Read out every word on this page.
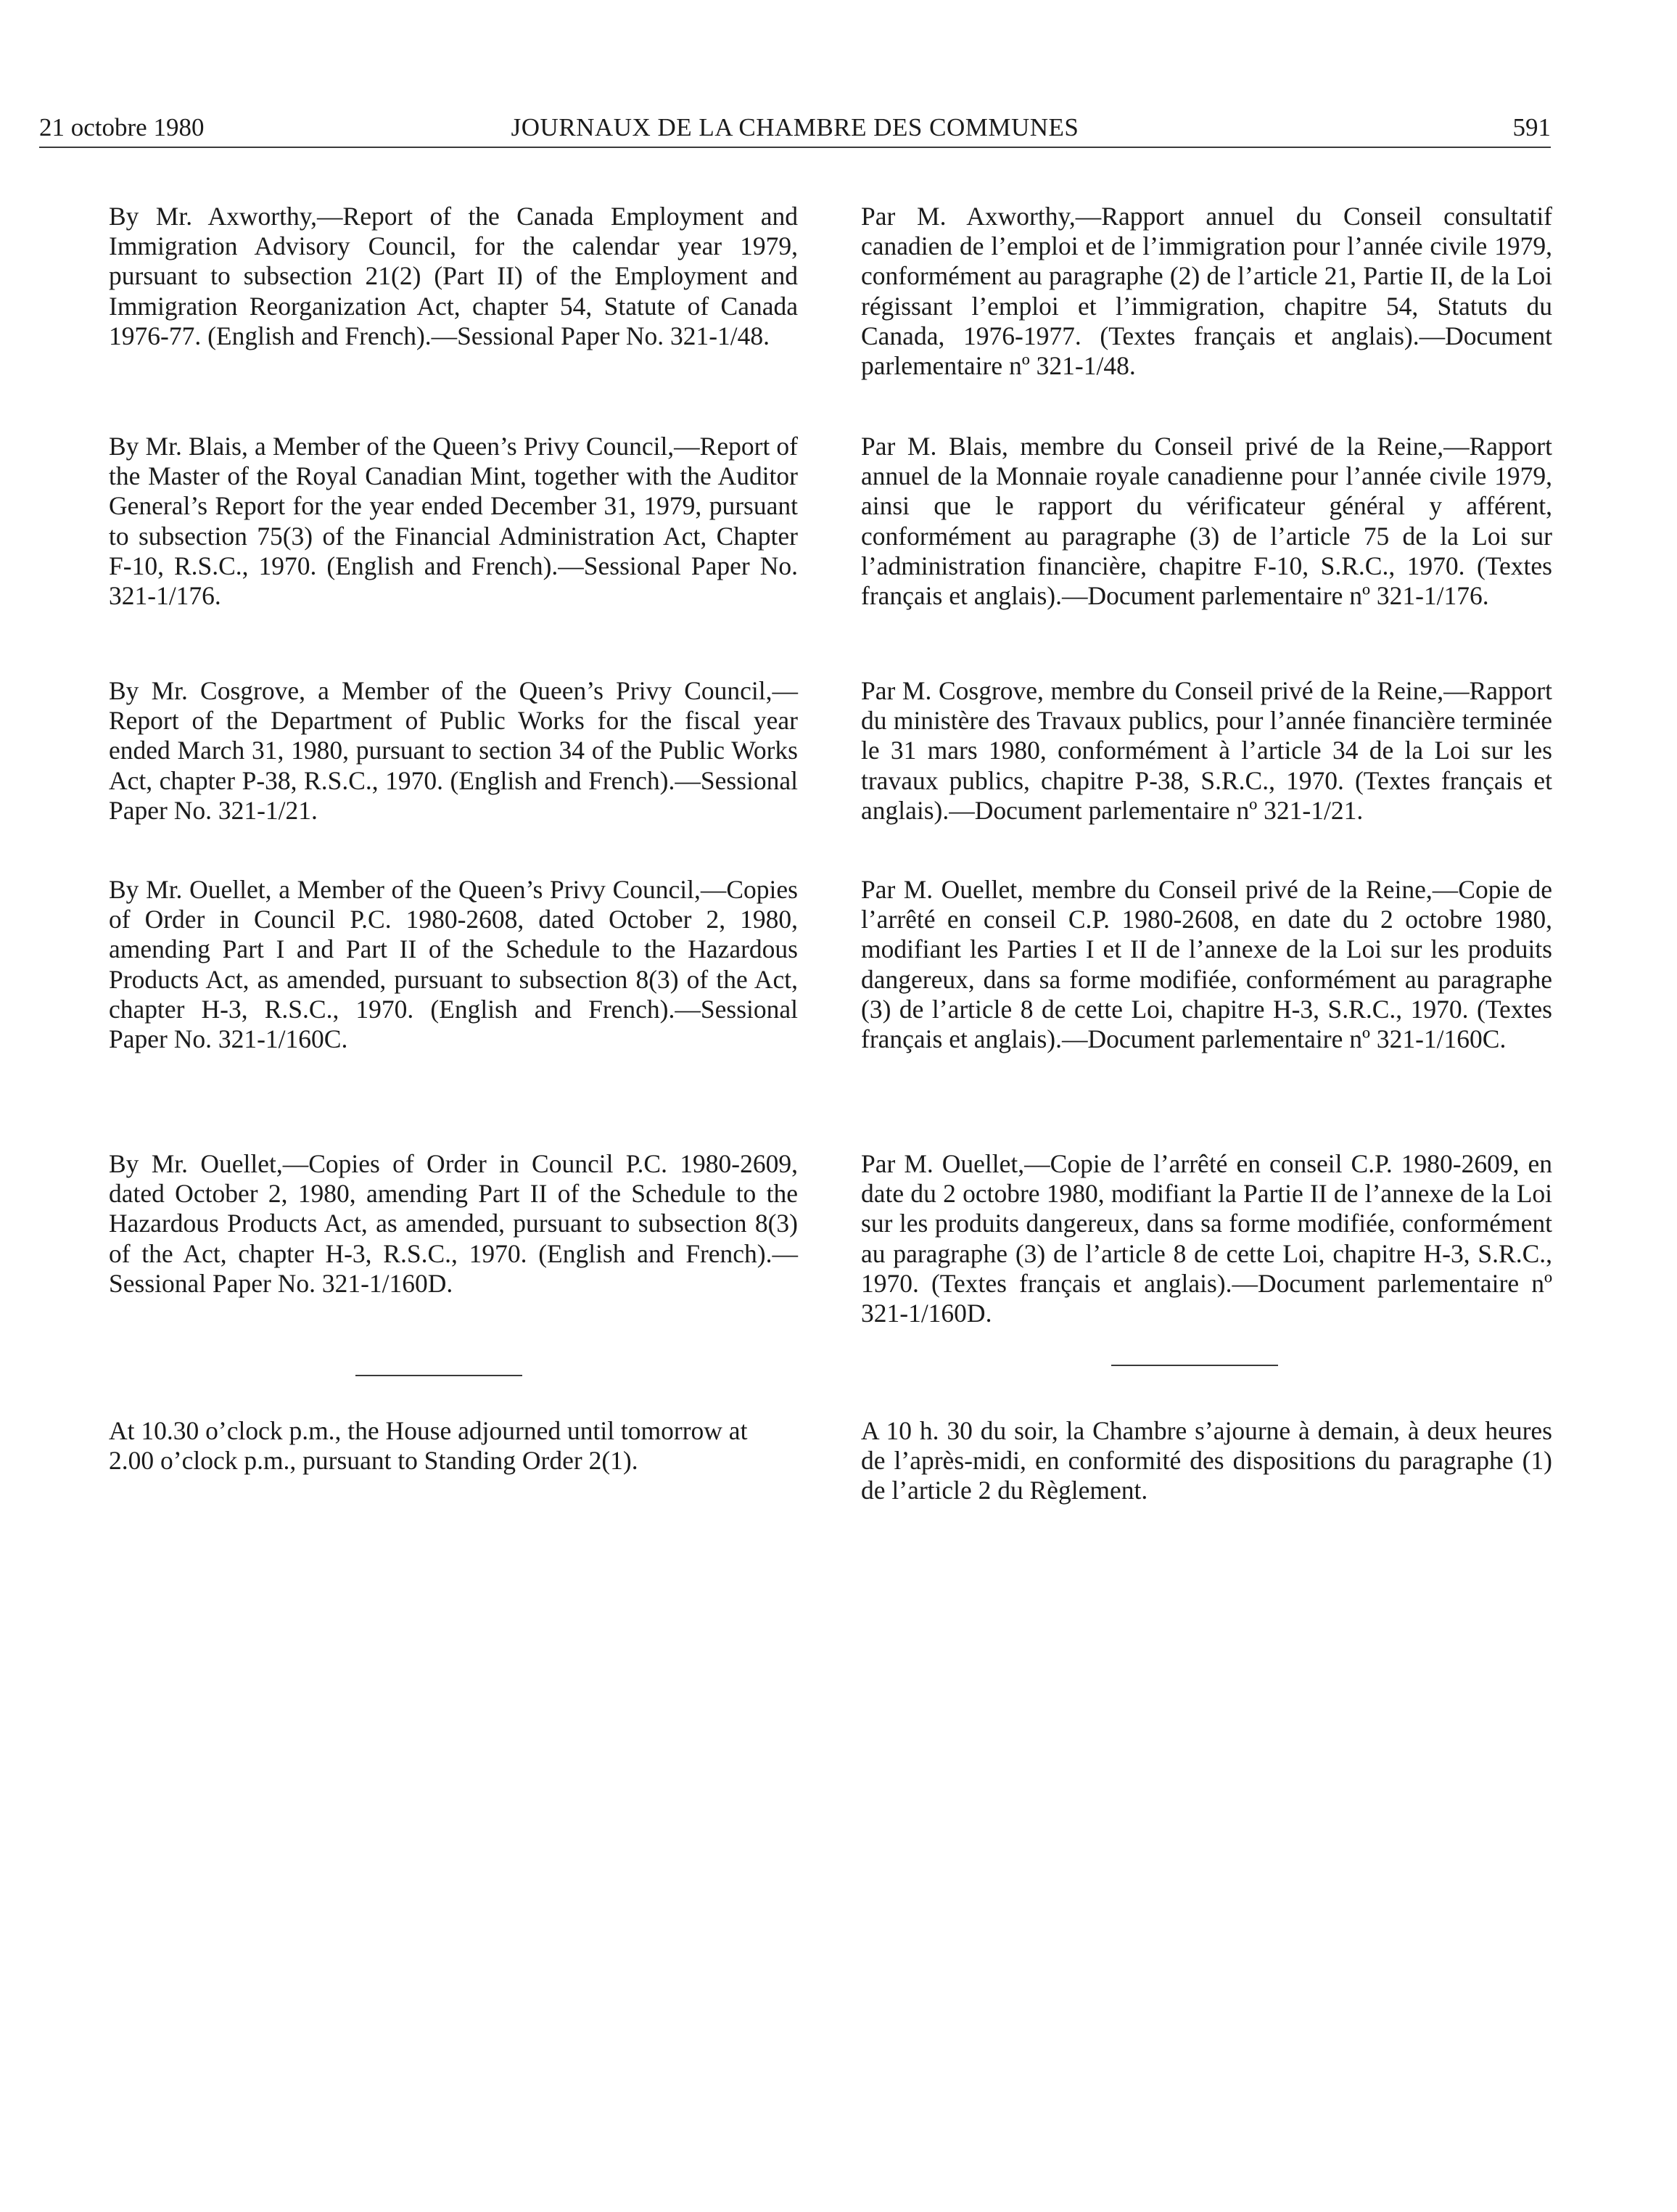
21 octobre 1980	JOURNAUX DE LA CHAMBRE DES COMMUNES	591

By Mr. Axworthy,—Report of the Canada Employment and Immigration Advisory Council, for the calendar year 1979, pursuant to subsection 21(2) (Part II) of the Employment and Immigration Reorganization Act, chapter 54, Statute of Canada 1976-77. (English and French).—Sessional Paper No. 321-1/48.

By Mr. Blais, a Member of the Queen’s Privy Council,—Report of the Master of the Royal Canadian Mint, together with the Auditor General’s Report for the year ended December 31, 1979, pursuant to subsection 75(3) of the Financial Administration Act, Chapter F-10, R.S.C., 1970. (English and French).—Sessional Paper No. 321-1/176.

By Mr. Cosgrove, a Member of the Queen’s Privy Council,—Report of the Department of Public Works for the fiscal year ended March 31, 1980, pursuant to section 34 of the Public Works Act, chapter P-38, R.S.C., 1970. (English and French).—Sessional Paper No. 321-1/21.

By Mr. Ouellet, a Member of the Queen’s Privy Council,—Copies of Order in Council P.C. 1980-2608, dated October 2, 1980, amending Part I and Part II of the Schedule to the Hazardous Products Act, as amended, pursuant to subsection 8(3) of the Act, chapter H-3, R.S.C., 1970. (English and French).—Sessional Paper No. 321-1/160C.

By Mr. Ouellet,—Copies of Order in Council P.C. 1980-2609, dated October 2, 1980, amending Part II of the Schedule to the Hazardous Products Act, as amended, pursuant to subsection 8(3) of the Act, chapter H-3, R.S.C., 1970. (English and French).—Sessional Paper No. 321-1/160D.

At 10.30 o’clock p.m., the House adjourned until tomorrow at 2.00 o’clock p.m., pursuant to Standing Order 2(1).

Par M. Axworthy,—Rapport annuel du Conseil consultatif canadien de l’emploi et de l’immigration pour l’année civile 1979, conformément au paragraphe (2) de l’article 21, Partie II, de la Loi régissant l’emploi et l’immigration, chapitre 54, Statuts du Canada, 1976-1977. (Textes français et anglais).—Document parlementaire nº 321-1/48.

Par M. Blais, membre du Conseil privé de la Reine,—Rapport annuel de la Monnaie royale canadienne pour l’année civile 1979, ainsi que le rapport du vérificateur général y afférent, conformément au paragraphe (3) de l’article 75 de la Loi sur l’administration financière, chapitre F-10, S.R.C., 1970. (Textes français et anglais).—Document parlementaire nº 321-1/176.

Par M. Cosgrove, membre du Conseil privé de la Reine,—Rapport du ministère des Travaux publics, pour l’année financière terminée le 31 mars 1980, conformément à l’article 34 de la Loi sur les travaux publics, chapitre P-38, S.R.C., 1970. (Textes français et anglais).—Document parlementaire nº 321-1/21.

Par M. Ouellet, membre du Conseil privé de la Reine,—Copie de l’arrêté en conseil C.P. 1980-2608, en date du 2 octobre 1980, modifiant les Parties I et II de l’annexe de la Loi sur les produits dangereux, dans sa forme modifiée, conformément au paragraphe (3) de l’article 8 de cette Loi, chapitre H-3, S.R.C., 1970. (Textes français et anglais).—Document parlementaire nº 321-1/160C.

Par M. Ouellet,—Copie de l’arrêté en conseil C.P. 1980-2609, en date du 2 octobre 1980, modifiant la Partie II de l’annexe de la Loi sur les produits dangereux, dans sa forme modifiée, conformément au paragraphe (3) de l’article 8 de cette Loi, chapitre H-3, S.R.C., 1970. (Textes français et anglais).—Document parlementaire nº 321-1/160D.

A 10 h. 30 du soir, la Chambre s’ajourne à demain, à deux heures de l’après-midi, en conformité des dispositions du paragraphe (1) de l’article 2 du Règlement.
